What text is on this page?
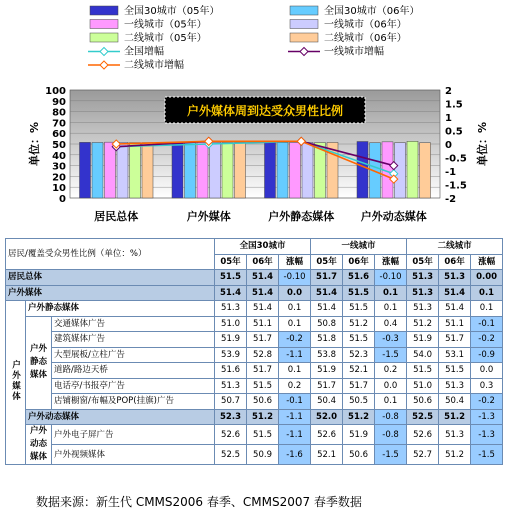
全国30城市（05年）	全国30城市（06年）
一线城市（05年）	一线城市（06年）
二线城市（05年）	二线城市（06年）
全国增幅	一线城市增幅
二线城市增幅
0
10
20
30
40
50
60
70
80
90
100
-2
-1.5
-1
-0.5
0
0.5
1
1.5
2
居民总体	户外媒体	户外静态媒体 户外动态媒体
单位：%	单位：%
户外媒体周到达受众男性比例
居民/覆盖受众男性比例（单位：%）			全国30城市			一线城市			二线城市		
			05年	06年	涨幅	05年	06年	涨幅	05年	06年	涨幅
居民总体			51.5	51.4	-0.10	51.7	51.6	-0.10	51.3	51.3	0.00
户外媒体			51.4	51.4	0.0	51.4	51.5	0.1	51.3	51.4	0.1
户外媒体	户外静态媒体		51.3	51.4	0.1	51.4	51.5	0.1	51.3	51.4	0.1
	户外静态媒体	交通媒体广告	51.0	51.1	0.1	50.8	51.2	0.4	51.2	51.1	-0.1
		建筑媒体广告	51.9	51.7	-0.2	51.8	51.5	-0.3	51.9	51.7	-0.2
		大型展板/立柱广告	53.9	52.8	-1.1	53.8	52.3	-1.5	54.0	53.1	-0.9
		道路/路边天桥	51.6	51.7	0.1	51.9	52.1	0.2	51.5	51.5	0.0
		电话亭/书报亭广告	51.3	51.5	0.2	51.7	51.7	0.0	51.0	51.3	0.3
		店铺橱窗/布幅及POP(挂旗)广告	50.7	50.6	-0.1	50.4	50.5	0.1	50.6	50.4	-0.2
	户外动态媒体		52.3	51.2	-1.1	52.0	51.2	-0.8	52.5	51.2	-1.3
	户外动态媒体	户外电子屏广告	52.6	51.5	-1.1	52.6	51.9	-0.8	52.6	51.3	-1.3
		户外视频媒体	52.5	50.9	-1.6	52.1	50.6	-1.5	52.7	51.2	-1.5
数据来源：新生代 CMMS2006 春季、CMMS2007 春季数据
